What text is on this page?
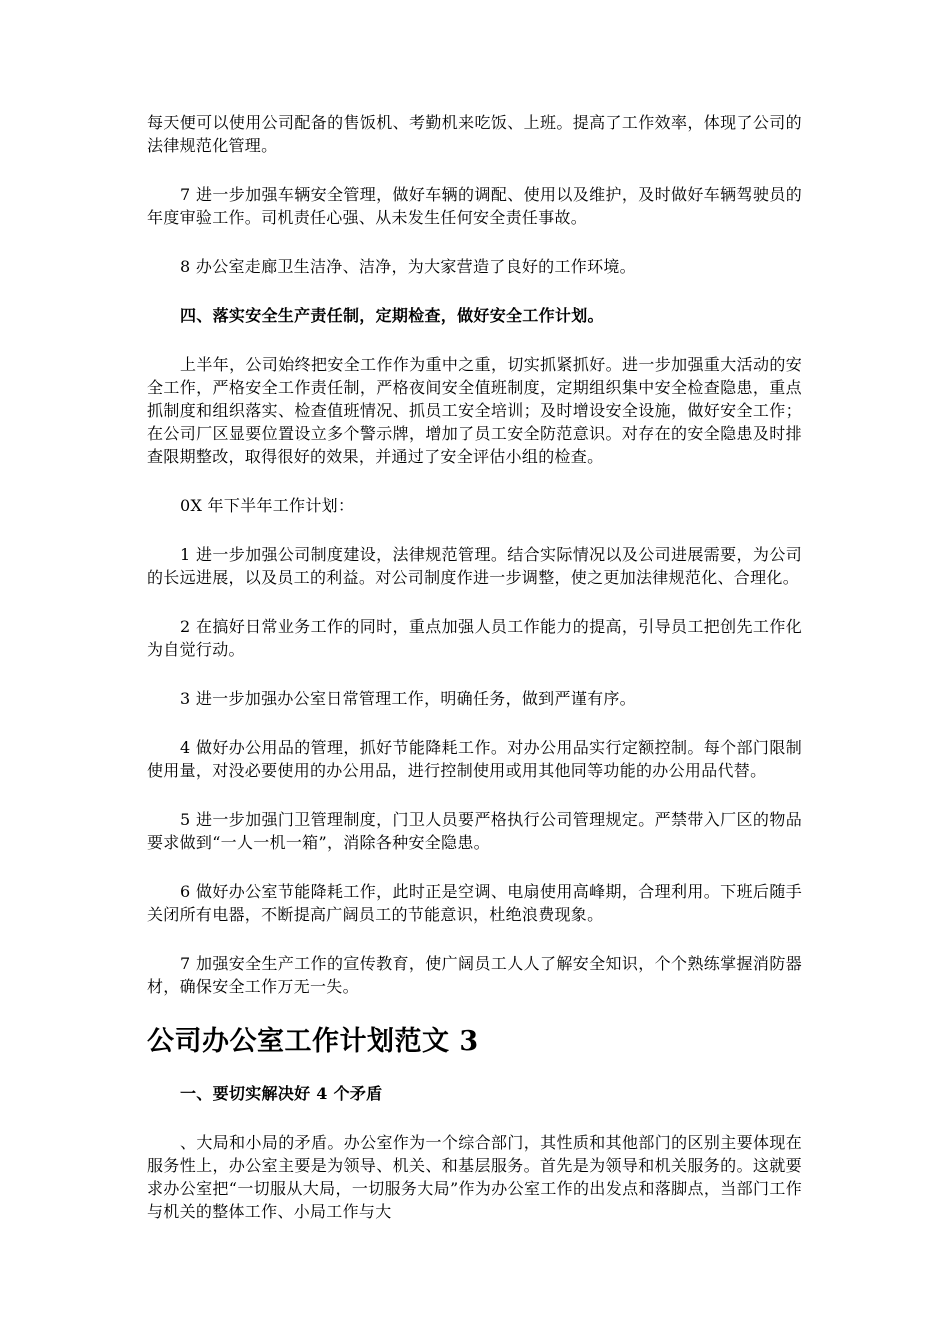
每天便可以使用公司配备的售饭机、考勤机来吃饭、上班。提高了工作效率，体现了公司的法律规范化管理。

7 进一步加强车辆安全管理，做好车辆的调配、使用以及维护，及时做好车辆驾驶员的年度审验工作。司机责任心强、从未发生任何安全责任事故。

8 办公室走廊卫生洁净、洁净，为大家营造了良好的工作环境。

四、落实安全生产责任制，定期检查，做好安全工作计划。

上半年，公司始终把安全工作作为重中之重，切实抓紧抓好。进一步加强重大活动的安全工作，严格安全工作责任制，严格夜间安全值班制度，定期组织集中安全检查隐患，重点抓制度和组织落实、检查值班情况、抓员工安全培训；及时增设安全设施，做好安全工作；在公司厂区显要位置设立多个警示牌，增加了员工安全防范意识。对存在的安全隐患及时排查限期整改，取得很好的效果，并通过了安全评估小组的检查。

0X 年下半年工作计划：

1 进一步加强公司制度建设，法律规范管理。结合实际情况以及公司进展需要，为公司的长远进展，以及员工的利益。对公司制度作进一步调整，使之更加法律规范化、合理化。

2 在搞好日常业务工作的同时，重点加强人员工作能力的提高，引导员工把创先工作化为自觉行动。

3 进一步加强办公室日常管理工作，明确任务，做到严谨有序。

4 做好办公用品的管理，抓好节能降耗工作。对办公用品实行定额控制。每个部门限制使用量，对没必要使用的办公用品，进行控制使用或用其他同等功能的办公用品代替。

5 进一步加强门卫管理制度，门卫人员要严格执行公司管理规定。严禁带入厂区的物品要求做到“一人一机一箱”，消除各种安全隐患。

6 做好办公室节能降耗工作，此时正是空调、电扇使用高峰期，合理利用。下班后随手关闭所有电器，不断提高广阔员工的节能意识，杜绝浪费现象。

7 加强安全生产工作的宣传教育，使广阔员工人人了解安全知识，个个熟练掌握消防器材，确保安全工作万无一失。

公司办公室工作计划范文 3

一、要切实解决好 4 个矛盾

、大局和小局的矛盾。办公室作为一个综合部门，其性质和其他部门的区别主要体现在服务性上，办公室主要是为领导、机关、和基层服务。首先是为领导和机关服务的。这就要求办公室把“一切服从大局，一切服务大局”作为办公室工作的出发点和落脚点，当部门工作与机关的整体工作、小局工作与大
